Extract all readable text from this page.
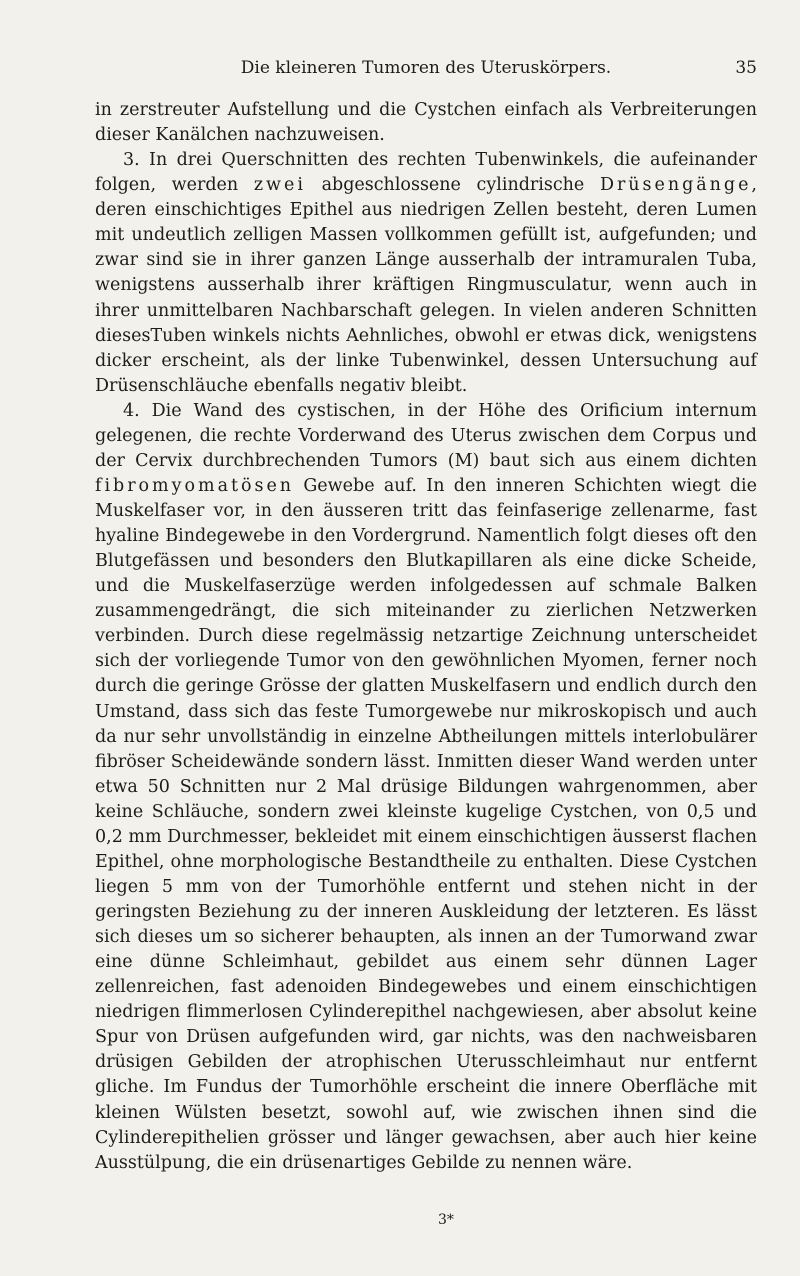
Die kleineren Tumoren des Uteruskörpers.	35

in zerstreuter Aufstellung und die Cystchen einfach als Verbreiterungen dieser Kanälchen nachzuweisen.

3. In drei Querschnitten des rechten Tubenwinkels, die aufeinander folgen, werden zwei abgeschlossene cylindrische Drüsengänge, deren einschichtiges Epithel aus niedrigen Zellen besteht, deren Lumen mit undeutlich zelligen Massen vollkommen gefüllt ist, aufgefunden; und zwar sind sie in ihrer ganzen Länge ausserhalb der intramuralen Tuba, wenigstens ausserhalb ihrer kräftigen Ringmusculatur, wenn auch in ihrer unmittelbaren Nachbarschaft gelegen. In vielen anderen Schnitten diesesTuben winkels nichts Aehnliches, obwohl er etwas dick, wenigstens dicker erscheint, als der linke Tubenwinkel, dessen Untersuchung auf Drüsenschläuche ebenfalls negativ bleibt.

4. Die Wand des cystischen, in der Höhe des Orificium internum gelegenen, die rechte Vorderwand des Uterus zwischen dem Corpus und der Cervix durchbrechenden Tumors (M) baut sich aus einem dichten fibromyomatösen Gewebe auf. In den inneren Schichten wiegt die Muskelfaser vor, in den äusseren tritt das feinfaserige zellenarme, fast hyaline Bindegewebe in den Vordergrund. Namentlich folgt dieses oft den Blutgefässen und besonders den Blutkapillaren als eine dicke Scheide, und die Muskelfaserzüge werden infolgedessen auf schmale Balken zusammengedrängt, die sich miteinander zu zierlichen Netzwerken verbinden. Durch diese regelmässig netzartige Zeichnung unterscheidet sich der vorliegende Tumor von den gewöhnlichen Myomen, ferner noch durch die geringe Grösse der glatten Muskelfasern und endlich durch den Umstand, dass sich das feste Tumorgewebe nur mikroskopisch und auch da nur sehr unvollständig in einzelne Abtheilungen mittels interlobulärer fibröser Scheidewände sondern lässt. Inmitten dieser Wand werden unter etwa 50 Schnitten nur 2 Mal drüsige Bildungen wahrgenommen, aber keine Schläuche, sondern zwei kleinste kugelige Cystchen, von 0,5 und 0,2 mm Durchmesser, bekleidet mit einem einschichtigen äusserst flachen Epithel, ohne morphologische Bestandtheile zu enthalten. Diese Cystchen liegen 5 mm von der Tumorhöhle entfernt und stehen nicht in der geringsten Beziehung zu der inneren Auskleidung der letzteren. Es lässt sich dieses um so sicherer behaupten, als innen an der Tumorwand zwar eine dünne Schleimhaut, gebildet aus einem sehr dünnen Lager zellenreichen, fast adenoiden Bindegewebes und einem einschichtigen niedrigen flimmerlosen Cylinderepithel nachgewiesen, aber absolut keine Spur von Drüsen aufgefunden wird, gar nichts, was den nachweisbaren drüsigen Gebilden der atrophischen Uterusschleimhaut nur entfernt gliche. Im Fundus der Tumorhöhle erscheint die innere Oberfläche mit kleinen Wülsten besetzt, sowohl auf, wie zwischen ihnen sind die Cylinderepithelien grösser und länger gewachsen, aber auch hier keine Ausstülpung, die ein drüsenartiges Gebilde zu nennen wäre.

3*
